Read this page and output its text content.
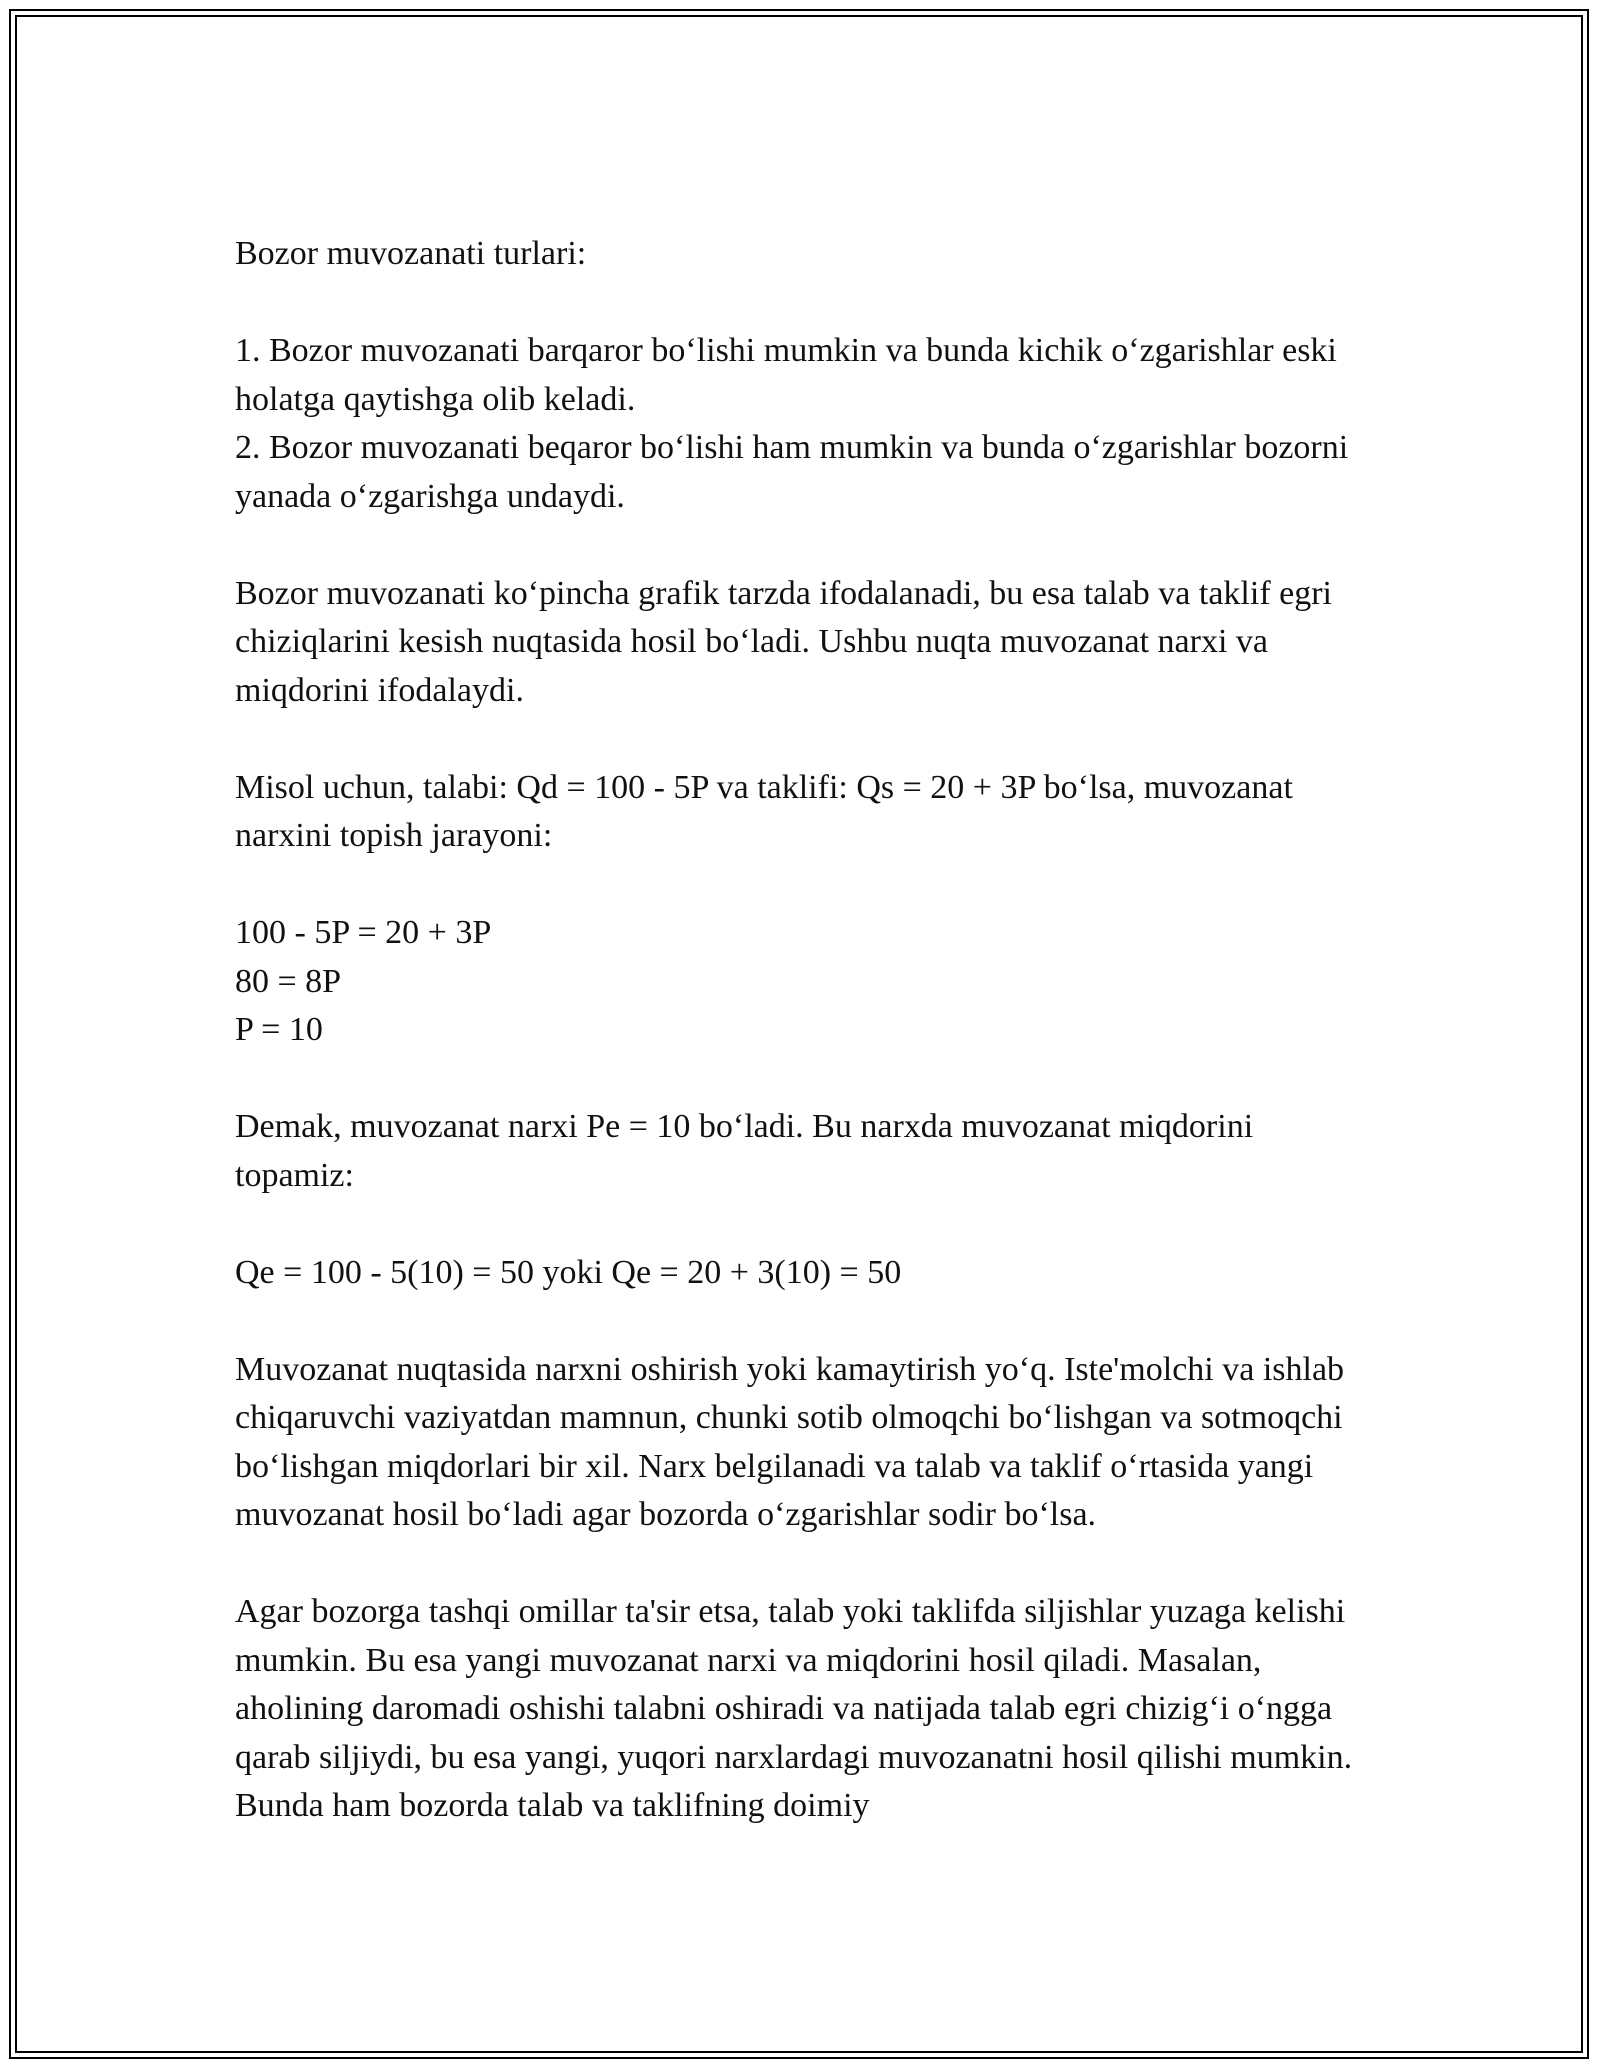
Bozor muvozanati turlari:

1. Bozor muvozanati barqaror bo‘lishi mumkin va bunda kichik o‘zgarishlar eski holatga qaytishga olib keladi.
2. Bozor muvozanati beqaror bo‘lishi ham mumkin va bunda o‘zgarishlar bozorni yanada o‘zgarishga undaydi.

Bozor muvozanati ko‘pincha grafik tarzda ifodalanadi, bu esa talab va taklif egri chiziqlarini kesish nuqtasida hosil bo‘ladi. Ushbu nuqta muvozanat narxi va miqdorini ifodalaydi.

Misol uchun, talabi: Qd = 100 - 5P va taklifi: Qs = 20 + 3P bo‘lsa, muvozanat narxini topish jarayoni:

100 - 5P = 20 + 3P
80 = 8P
P = 10

Demak, muvozanat narxi Pe = 10 bo‘ladi. Bu narxda muvozanat miqdorini topamiz:

Qe = 100 - 5(10) = 50 yoki Qe = 20 + 3(10) = 50

Muvozanat nuqtasida narxni oshirish yoki kamaytirish yo‘q. Iste'molchi va ishlab chiqaruvchi vaziyatdan mamnun, chunki sotib olmoqchi bo‘lishgan va sotmoqchi bo‘lishgan miqdorlari bir xil. Narx belgilanadi va talab va taklif o‘rtasida yangi muvozanat hosil bo‘ladi agar bozorda o‘zgarishlar sodir bo‘lsa.

Agar bozorga tashqi omillar ta'sir etsa, talab yoki taklifda siljishlar yuzaga kelishi mumkin. Bu esa yangi muvozanat narxi va miqdorini hosil qiladi. Masalan, aholining daromadi oshishi talabni oshiradi va natijada talab egri chizig‘i o‘ngga qarab siljiydi, bu esa yangi, yuqori narxlardagi muvozanatni hosil qilishi mumkin. Bunda ham bozorda talab va taklifning doimiy
